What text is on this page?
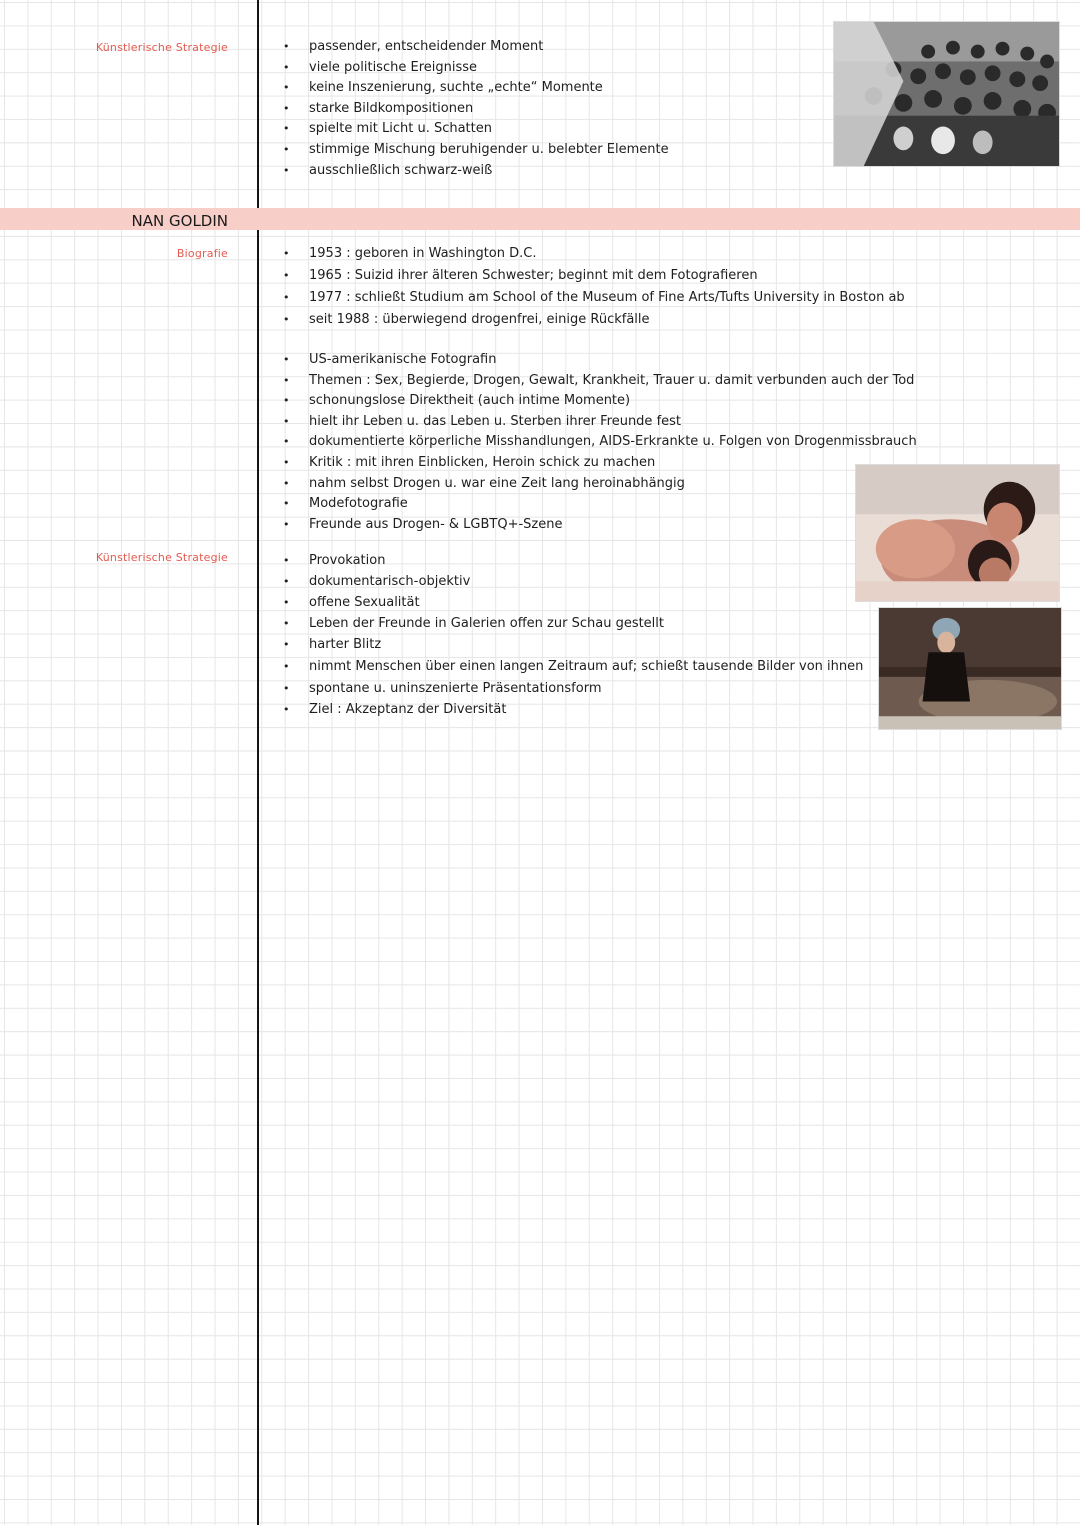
Künstlerische Strategie	• passender, entscheidender Moment
• viele politische Ereignisse
• keine Inszenierung, suchte „echte“ Momente
• starke Bildkompositionen
• spielte mit Licht u. Schatten
• stimmige Mischung beruhigender u. belebter Elemente
• ausschließlich schwarz-weiß
NAN GOLDIN
Biografie	• 1953 : geboren in Washington D.C.
• 1965 : Suizid ihrer älteren Schwester; beginnt mit dem Fotografieren
• 1977 : schließt Studium am School of the Museum of Fine Arts/Tufts University in Boston ab
• seit 1988 : überwiegend drogenfrei, einige Rückfälle
• US-amerikanische Fotografin
• Themen : Sex, Begierde, Drogen, Gewalt, Krankheit, Trauer u. damit verbunden auch der Tod
• schonungslose Direktheit (auch intime Momente)
• hielt ihr Leben u. das Leben u. Sterben ihrer Freunde fest
• dokumentierte körperliche Misshandlungen, AIDS-Erkrankte u. Folgen von Drogenmissbrauch
• Kritik : mit ihren Einblicken, Heroin schick zu machen
• nahm selbst Drogen u. war eine Zeit lang heroinabhängig
• Modefotografie
• Freunde aus Drogen- & LGBTQ+-Szene
Künstlerische Strategie	• Provokation
• dokumentarisch-objektiv
• offene Sexualität
• Leben der Freunde in Galerien offen zur Schau gestellt
• harter Blitz
• nimmt Menschen über einen langen Zeitraum auf; schießt tausende Bilder von ihnen
• spontane u. uninszenierte Präsentationsform
• Ziel : Akzeptanz der Diversität
